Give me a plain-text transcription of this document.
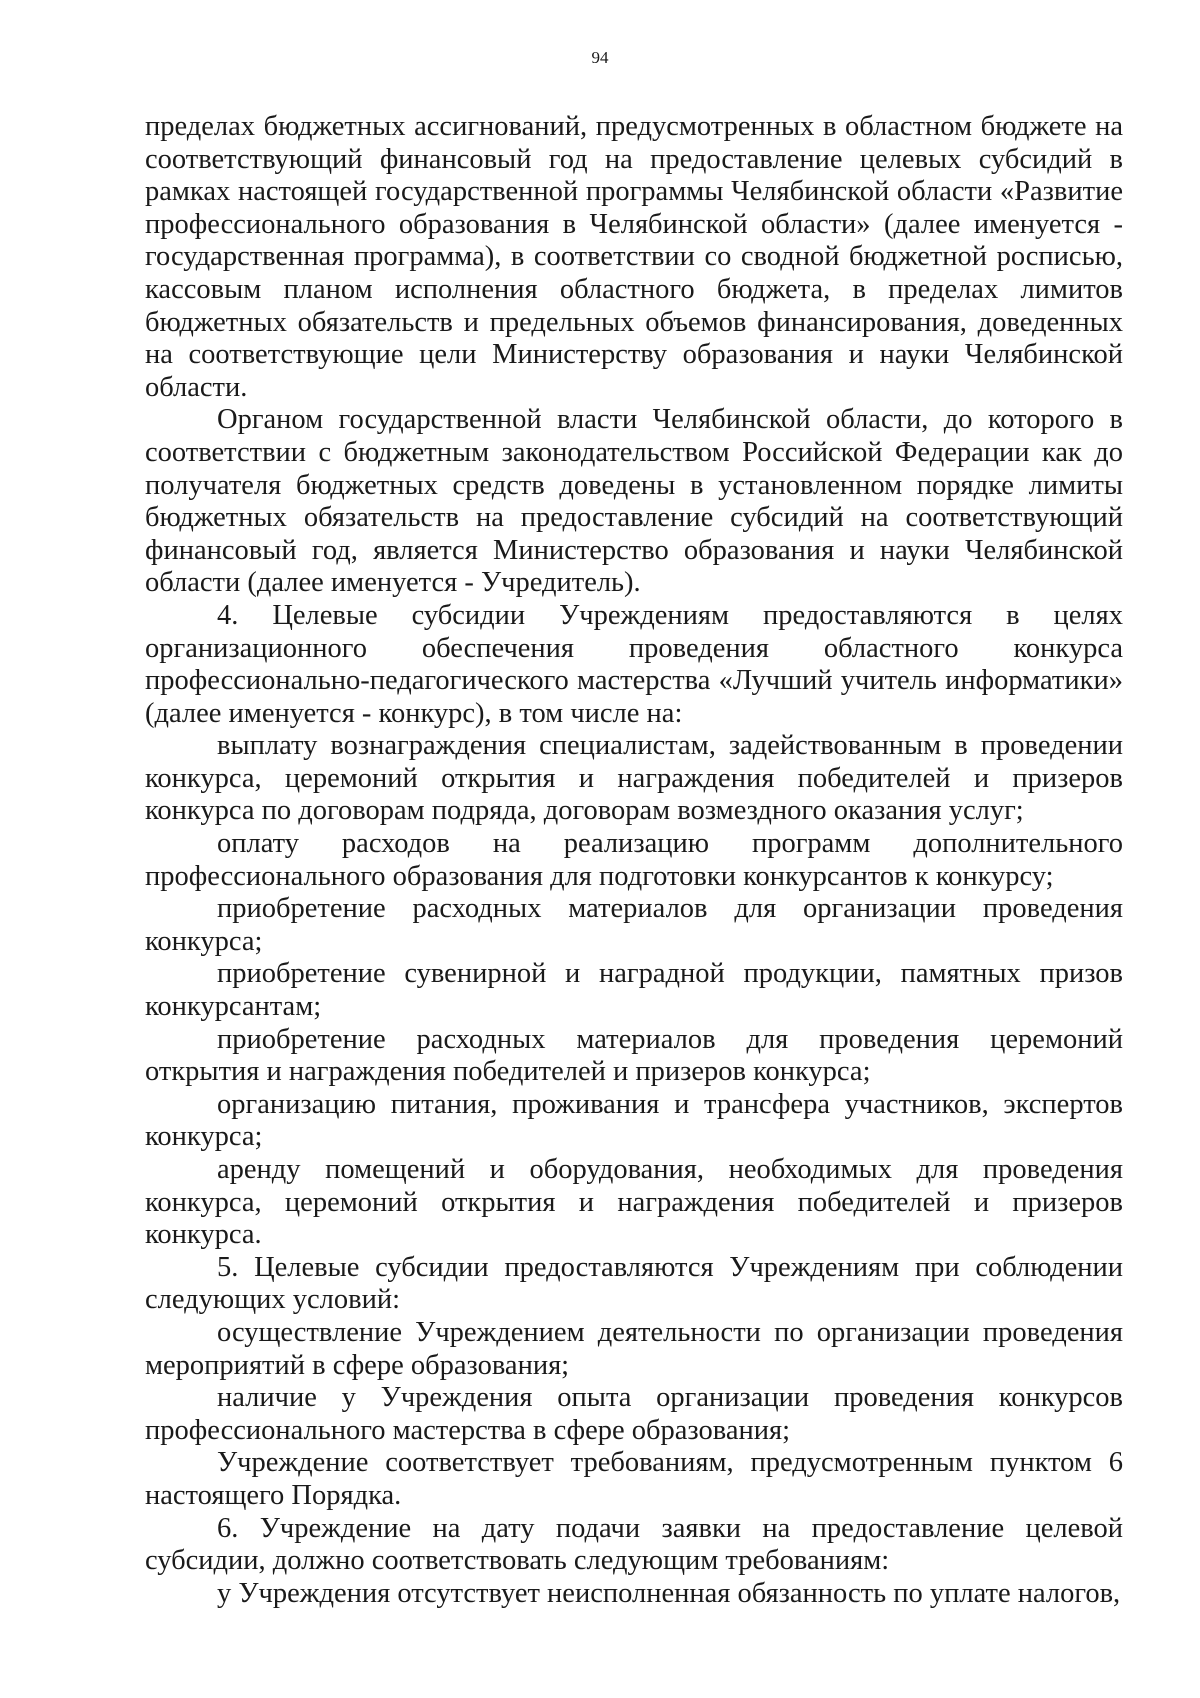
94

пределах бюджетных ассигнований, предусмотренных в областном бюджете на соответствующий финансовый год на предоставление целевых субсидий в рамках настоящей государственной программы Челябинской области «Развитие профессионального образования в Челябинской области» (далее именуется - государственная программа), в соответствии со сводной бюджетной росписью, кассовым планом исполнения областного бюджета, в пределах лимитов бюджетных обязательств и предельных объемов финансирования, доведенных на соответствующие цели Министерству образования и науки Челябинской области.

Органом государственной власти Челябинской области, до которого в соответствии с бюджетным законодательством Российской Федерации как до получателя бюджетных средств доведены в установленном порядке лимиты бюджетных обязательств на предоставление субсидий на соответствующий финансовый год, является Министерство образования и науки Челябинской области (далее именуется - Учредитель).

4. Целевые субсидии Учреждениям предоставляются в целях организационного обеспечения проведения областного конкурса профессионально-педагогического мастерства «Лучший учитель информатики» (далее именуется - конкурс), в том числе на:

выплату вознаграждения специалистам, задействованным в проведении конкурса, церемоний открытия и награждения победителей и призеров конкурса по договорам подряда, договорам возмездного оказания услуг;

оплату расходов на реализацию программ дополнительного профессионального образования для подготовки конкурсантов к конкурсу;

приобретение расходных материалов для организации проведения конкурса;

приобретение сувенирной и наградной продукции, памятных призов конкурсантам;

приобретение расходных материалов для проведения церемоний открытия и награждения победителей и призеров конкурса;

организацию питания, проживания и трансфера участников, экспертов конкурса;

аренду помещений и оборудования, необходимых для проведения конкурса, церемоний открытия и награждения победителей и призеров конкурса.

5. Целевые субсидии предоставляются Учреждениям при соблюдении следующих условий:

осуществление Учреждением деятельности по организации проведения мероприятий в сфере образования;

наличие у Учреждения опыта организации проведения конкурсов профессионального мастерства в сфере образования;

Учреждение соответствует требованиям, предусмотренным пунктом 6 настоящего Порядка.

6. Учреждение на дату подачи заявки на предоставление целевой субсидии, должно соответствовать следующим требованиям:

у Учреждения отсутствует неисполненная обязанность по уплате налогов,
